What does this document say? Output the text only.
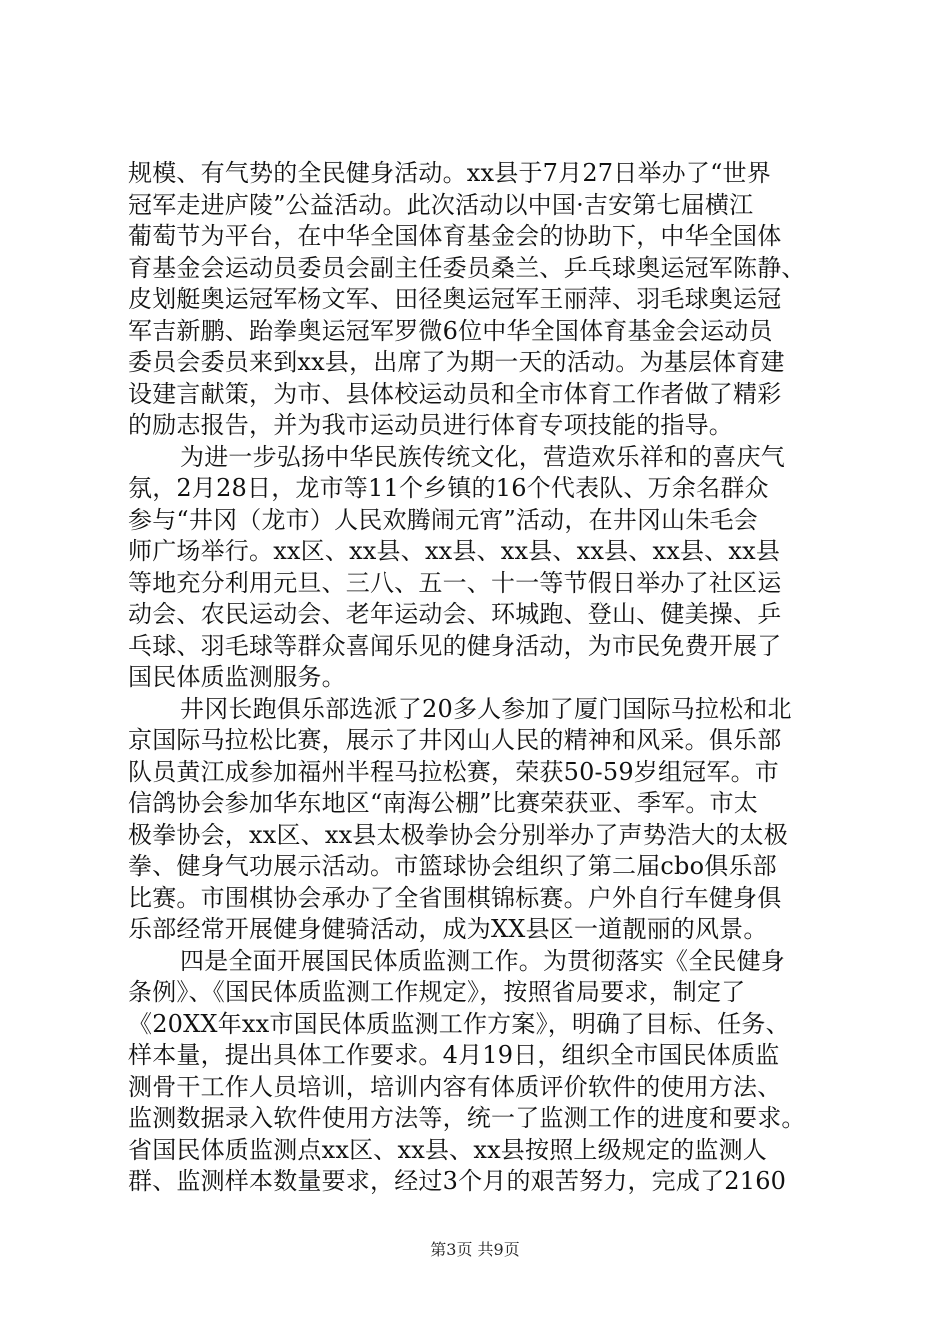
规模、有气势的全民健身活动。xx县于7月27日举办了“世界
冠军走进庐陵”公益活动。此次活动以中国·吉安第七届横江
葡萄节为平台，在中华全国体育基金会的协助下，中华全国体
育基金会运动员委员会副主任委员桑兰、乒乓球奥运冠军陈静、
皮划艇奥运冠军杨文军、田径奥运冠军王丽萍、羽毛球奥运冠
军吉新鹏、跆拳奥运冠军罗微6位中华全国体育基金会运动员
委员会委员来到xx县，出席了为期一天的活动。为基层体育建
设建言献策，为市、县体校运动员和全市体育工作者做了精彩
的励志报告，并为我市运动员进行体育专项技能的指导。
为进一步弘扬中华民族传统文化，营造欢乐祥和的喜庆气
氛，2月28日，龙市等11个乡镇的16个代表队、万余名群众
参与“井冈（龙市）人民欢腾闹元宵”活动，在井冈山朱毛会
师广场举行。xx区、xx县、xx县、xx县、xx县、xx县、xx县
等地充分利用元旦、三八、五一、十一等节假日举办了社区运
动会、农民运动会、老年运动会、环城跑、登山、健美操、乒
乓球、羽毛球等群众喜闻乐见的健身活动，为市民免费开展了
国民体质监测服务。
井冈长跑俱乐部选派了20多人参加了厦门国际马拉松和北
京国际马拉松比赛，展示了井冈山人民的精神和风采。俱乐部
队员黄江成参加福州半程马拉松赛，荣获50-59岁组冠军。市
信鸽协会参加华东地区“南海公棚”比赛荣获亚、季军。市太
极拳协会，xx区、xx县太极拳协会分别举办了声势浩大的太极
拳、健身气功展示活动。市篮球协会组织了第二届cbo俱乐部
比赛。市围棋协会承办了全省围棋锦标赛。户外自行车健身俱
乐部经常开展健身健骑活动，成为XX县区一道靓丽的风景。
四是全面开展国民体质监测工作。为贯彻落实《全民健身
条例》、《国民体质监测工作规定》，按照省局要求，制定了
《20XX年xx市国民体质监测工作方案》，明确了目标、任务、
样本量，提出具体工作要求。4月19日，组织全市国民体质监
测骨干工作人员培训，培训内容有体质评价软件的使用方法、
监测数据录入软件使用方法等，统一了监测工作的进度和要求。
省国民体质监测点xx区、xx县、xx县按照上级规定的监测人
群、监测样本数量要求，经过3个月的艰苦努力，完成了2160
第3页 共9页
